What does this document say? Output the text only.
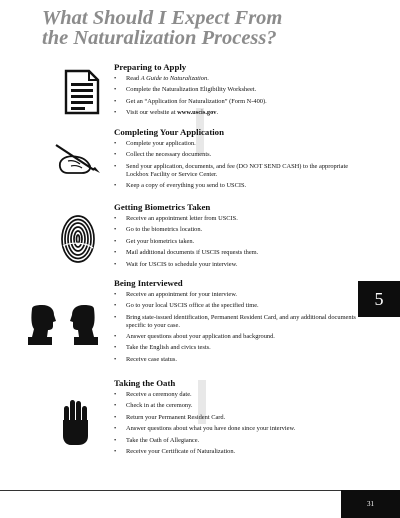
What Should I Expect From
the Naturalization Process?
Preparing to Apply
• Read A Guide to Naturalization.
• Complete the Naturalization Eligibility Worksheet.
• Get an “Application for Naturalization” (Form N-400).
• Visit our website at www.uscis.gov.
Completing Your Application
• Complete your application.
• Collect the necessary documents.
• Send your application, documents, and fee (DO NOT SEND CASH) to the appropriate Lockbox Facility or Service Center.
• Keep a copy of everything you send to USCIS.
Getting Biometrics Taken
• Receive an appointment letter from USCIS.
• Go to the biometrics location.
• Get your biometrics taken.
• Mail additional documents if USCIS requests them.
• Wait for USCIS to schedule your interview.
Being Interviewed
• Receive an appointment for your interview.
• Go to your local USCIS office at the specified time.
• Bring state-issued identification, Permanent Resident Card, and any additional documents specific to your case.
• Answer questions about your application and background.
• Take the English and civics tests.
• Receive case status.
Taking the Oath
• Receive a ceremony date.
• Check in at the ceremony.
• Return your Permanent Resident Card.
• Answer questions about what you have done since your interview.
• Take the Oath of Allegiance.
• Receive your Certificate of Naturalization.
5
31
